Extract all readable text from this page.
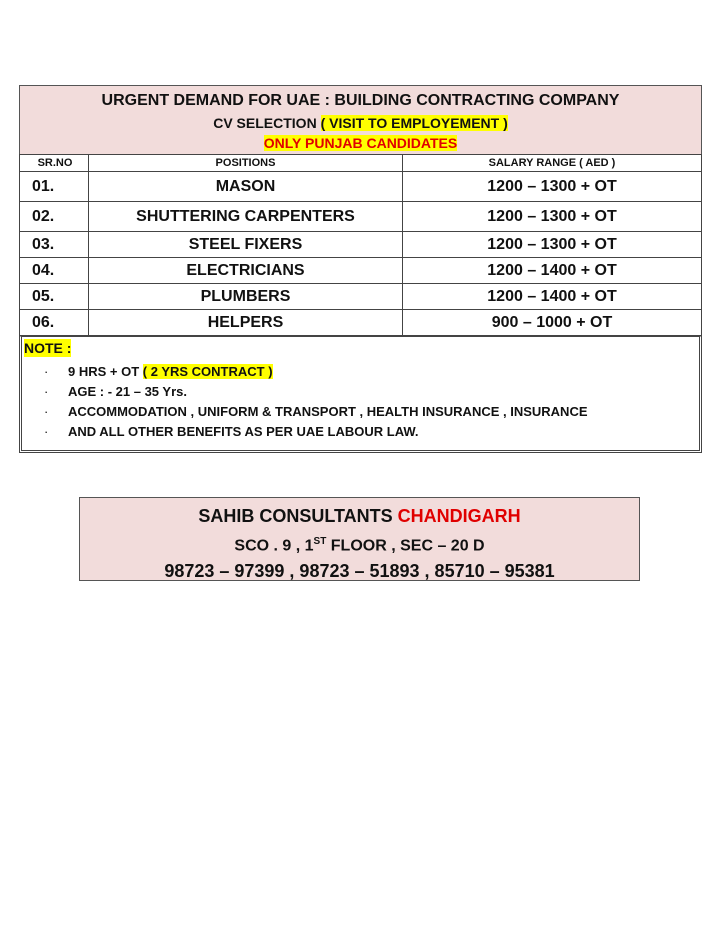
URGENT DEMAND FOR UAE : BUILDING CONTRACTING COMPANY
CV SELECTION ( VISIT TO EMPLOYEMENT )
ONLY PUNJAB CANDIDATES
SR.NO	POSITIONS	SALARY RANGE ( AED )
01.	MASON	1200 – 1300 + OT
02.	SHUTTERING CARPENTERS	1200 – 1300 + OT
03.	STEEL FIXERS	1200 – 1300 + OT
04.	ELECTRICIANS	1200 – 1400 + OT
05.	PLUMBERS	1200 – 1400 + OT
06.	HELPERS	900 – 1000 + OT
NOTE :
· 9 HRS + OT ( 2 YRS CONTRACT )
· AGE : - 21 – 35 Yrs.
· ACCOMMODATION , UNIFORM & TRANSPORT , HEALTH INSURANCE , INSURANCE
· AND ALL OTHER BENEFITS AS PER UAE LABOUR LAW.
SAHIB CONSULTANTS CHANDIGARH
SCO . 9 , 1ST FLOOR , SEC – 20 D
98723 – 97399 , 98723 – 51893 , 85710 – 95381
